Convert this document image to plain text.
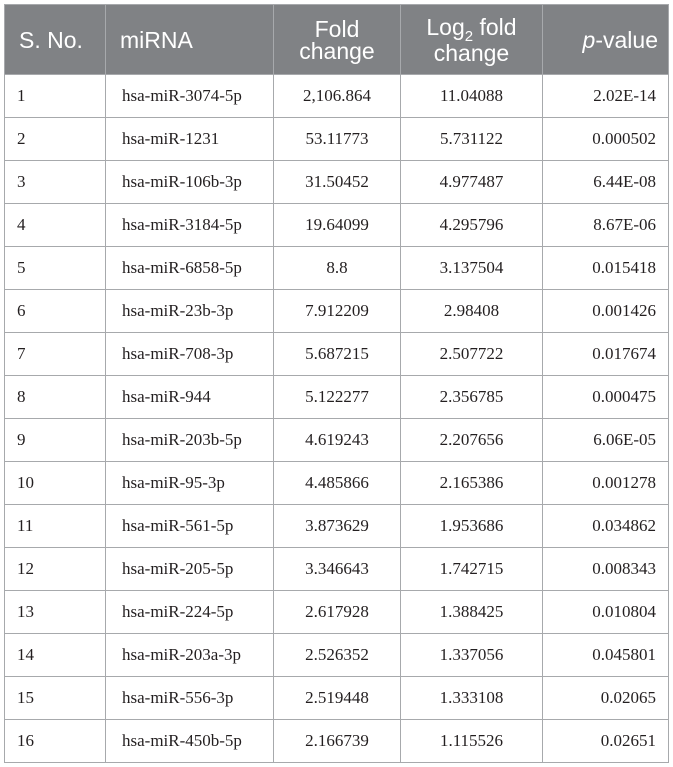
S. No.	miRNA	Fold change	Log$_2$ fold change	p-value
1	hsa-miR-3074-5p	2,106.864	11.04088	2.02E-14
2	hsa-miR-1231	53.11773	5.731122	0.000502
3	hsa-miR-106b-3p	31.50452	4.977487	6.44E-08
4	hsa-miR-3184-5p	19.64099	4.295796	8.67E-06
5	hsa-miR-6858-5p	8.8	3.137504	0.015418
6	hsa-miR-23b-3p	7.912209	2.98408	0.001426
7	hsa-miR-708-3p	5.687215	2.507722	0.017674
8	hsa-miR-944	5.122277	2.356785	0.000475
9	hsa-miR-203b-5p	4.619243	2.207656	6.06E-05
10	hsa-miR-95-3p	4.485866	2.165386	0.001278
11	hsa-miR-561-5p	3.873629	1.953686	0.034862
12	hsa-miR-205-5p	3.346643	1.742715	0.008343
13	hsa-miR-224-5p	2.617928	1.388425	0.010804
14	hsa-miR-203a-3p	2.526352	1.337056	0.045801
15	hsa-miR-556-3p	2.519448	1.333108	0.02065
16	hsa-miR-450b-5p	2.166739	1.115526	0.02651
